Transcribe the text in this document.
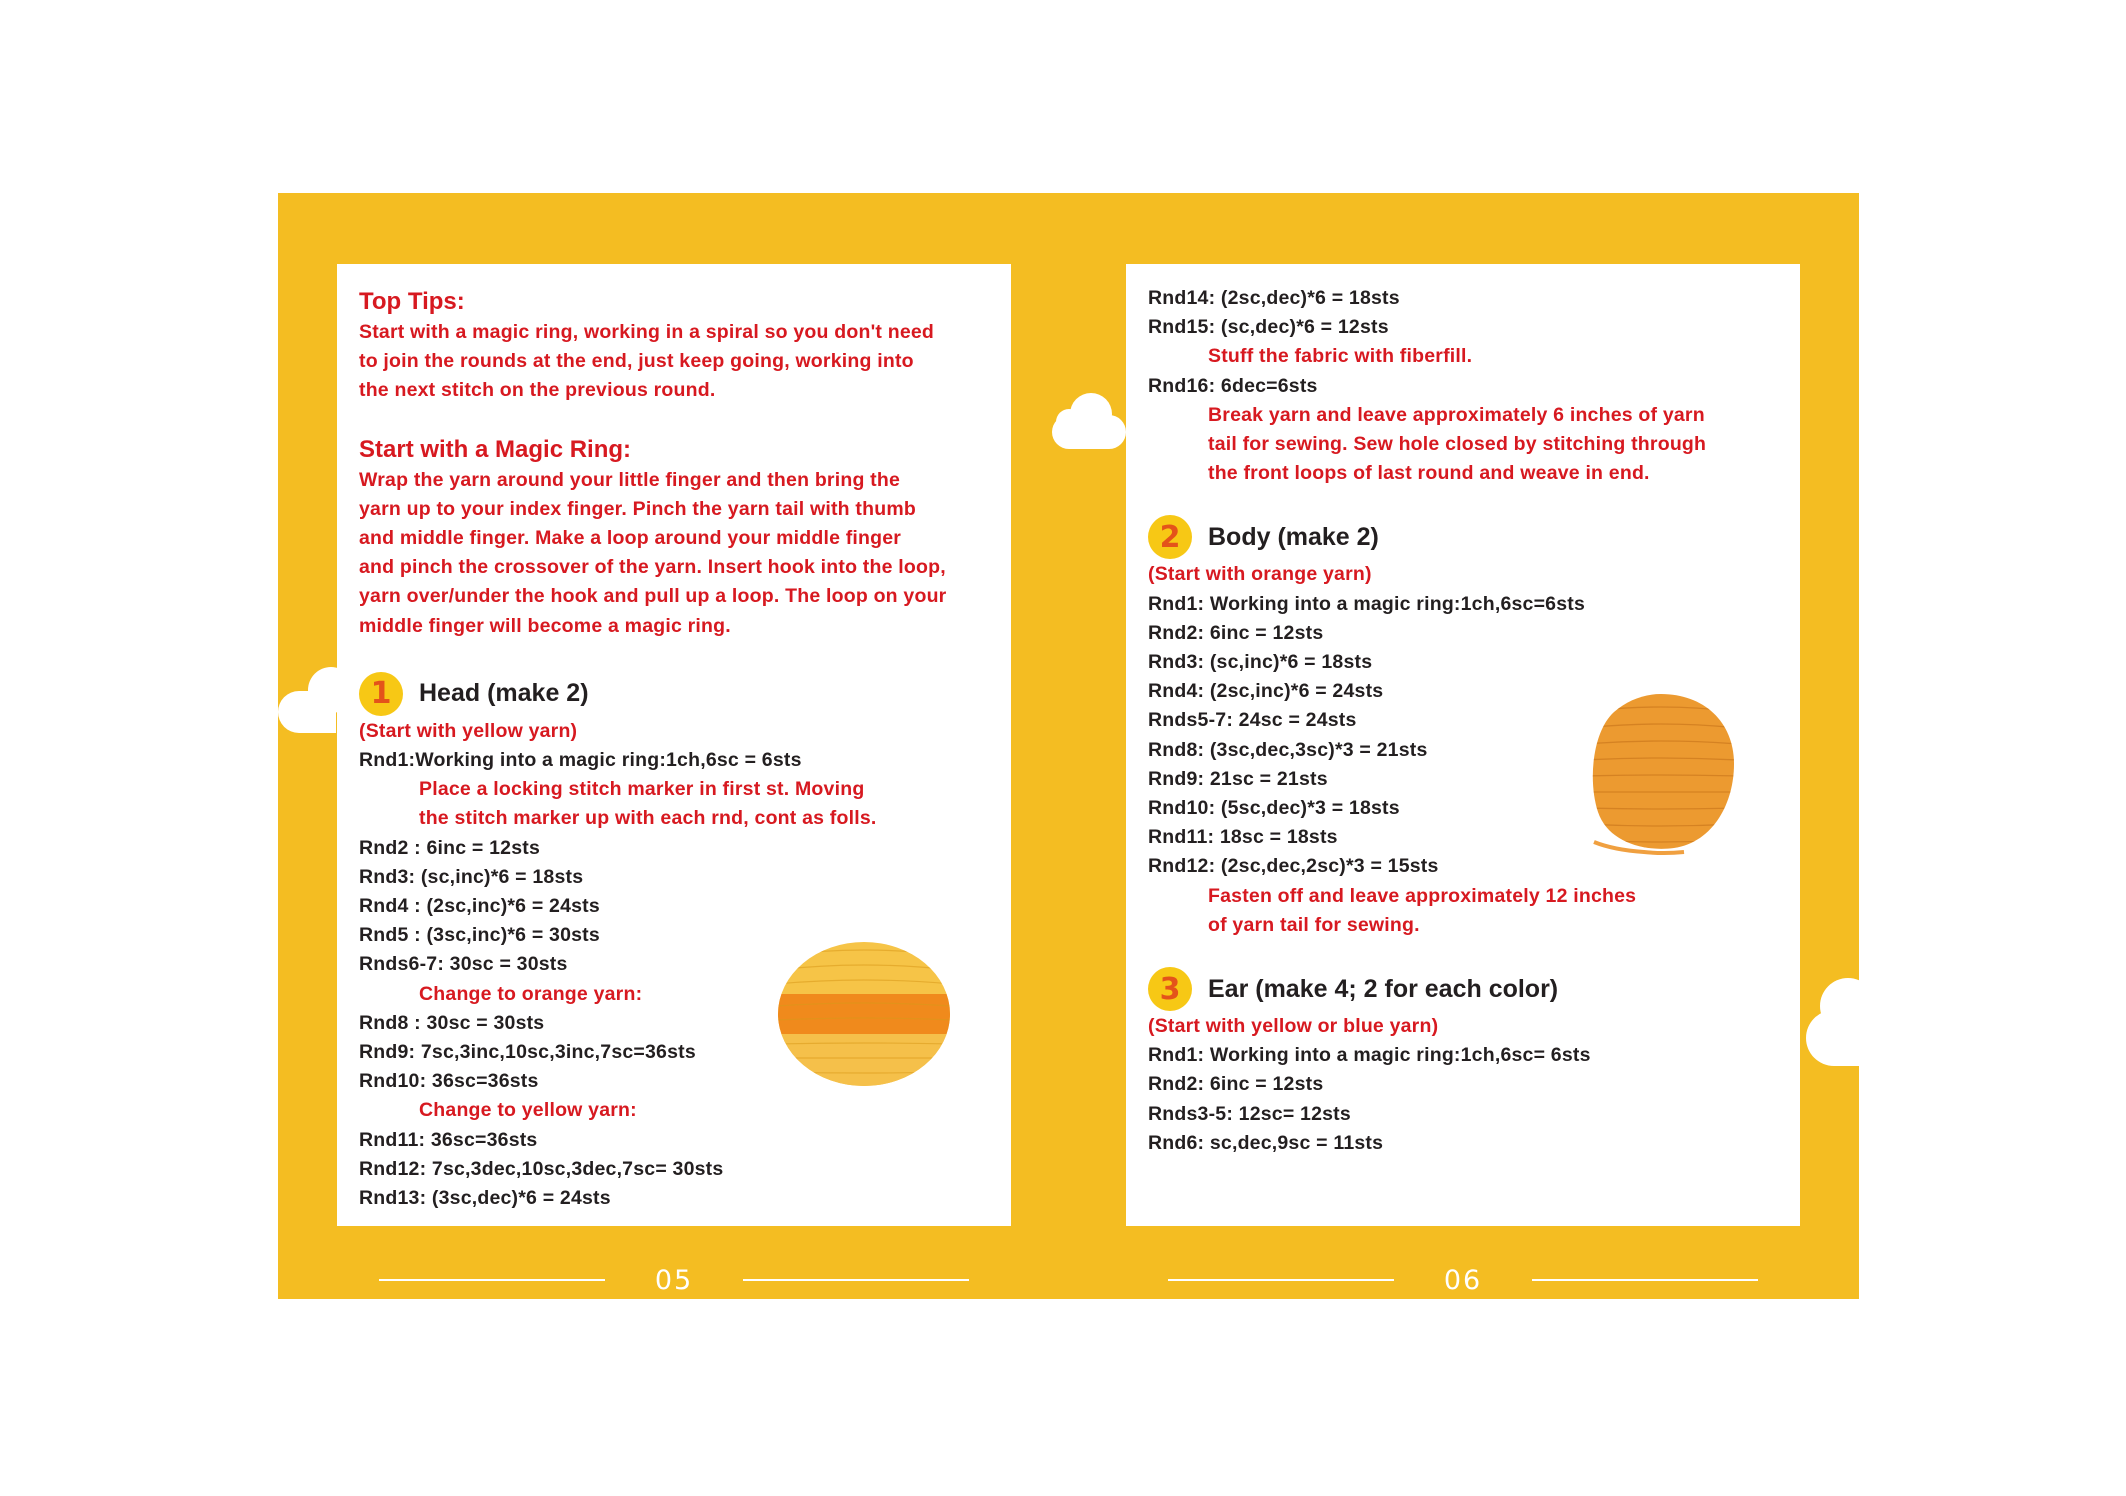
Top Tips:
Start with a magic ring, working in a spiral so you don't need
to join the rounds at the end, just keep going, working into
the next stitch on the previous round.
Start with a Magic Ring:
Wrap the yarn around your little finger and then bring the
yarn up to your index finger. Pinch the yarn tail with thumb
and middle finger. Make a loop around your middle finger
and pinch the crossover of the yarn. Insert hook into the loop,
yarn over/under the hook and pull up a loop. The loop on your
middle finger will become a magic ring.
1	Head (make 2)
(Start with yellow yarn)
Rnd1:Working into a magic ring:1ch,6sc = 6sts
Place a locking stitch marker in first st. Moving
the stitch marker up with each rnd, cont as folls.
Rnd2 : 6inc = 12sts
Rnd3: (sc,inc)*6 = 18sts
Rnd4 : (2sc,inc)*6 = 24sts
Rnd5 : (3sc,inc)*6 = 30sts
Rnds6-7: 30sc = 30sts
Change to orange yarn:
Rnd8 : 30sc = 30sts
Rnd9: 7sc,3inc,10sc,3inc,7sc=36sts
Rnd10: 36sc=36sts
Change to yellow yarn:
Rnd11: 36sc=36sts
Rnd12: 7sc,3dec,10sc,3dec,7sc= 30sts
Rnd13: (3sc,dec)*6 = 24sts
Rnd14: (2sc,dec)*6 = 18sts
Rnd15: (sc,dec)*6 = 12sts
Stuff the fabric with fiberfill.
Rnd16: 6dec=6sts
Break yarn and leave approximately 6 inches of yarn
tail for sewing. Sew hole closed by stitching through
the front loops of last round and weave in end.
2	Body (make 2)
(Start with orange yarn)
Rnd1: Working into a magic ring:1ch,6sc=6sts
Rnd2: 6inc = 12sts
Rnd3: (sc,inc)*6 = 18sts
Rnd4: (2sc,inc)*6 = 24sts
Rnds5-7: 24sc = 24sts
Rnd8: (3sc,dec,3sc)*3 = 21sts
Rnd9: 21sc = 21sts
Rnd10: (5sc,dec)*3 = 18sts
Rnd11: 18sc = 18sts
Rnd12: (2sc,dec,2sc)*3 = 15sts
Fasten off and leave approximately 12 inches
of yarn tail for sewing.
3	Ear (make 4; 2 for each color)
(Start with yellow or blue yarn)
Rnd1: Working into a magic ring:1ch,6sc= 6sts
Rnd2: 6inc = 12sts
Rnds3-5: 12sc= 12sts
Rnd6: sc,dec,9sc = 11sts
05	06
